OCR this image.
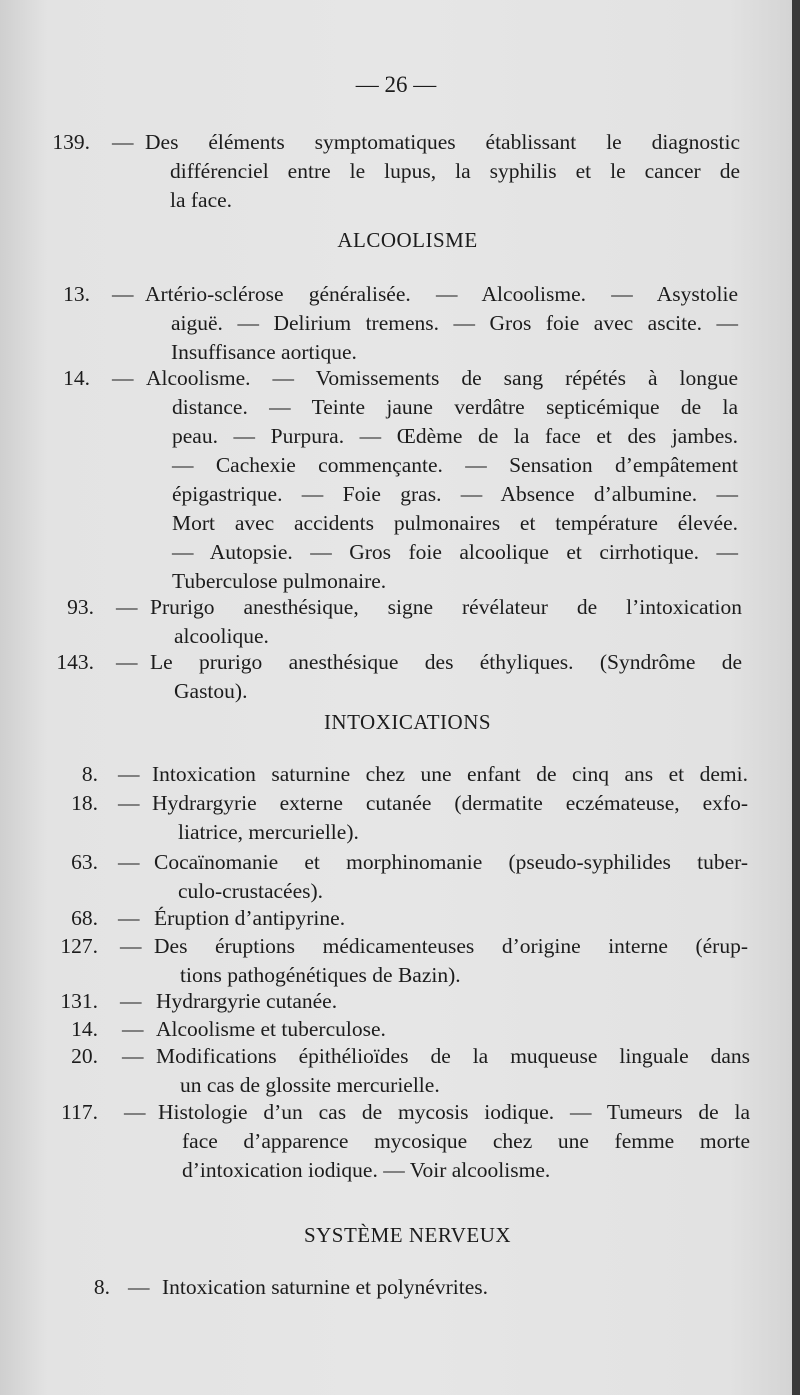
— 26 —
139. — Des éléments symptomatiques établissant le diagnostic
différenciel entre le lupus, la syphilis et le cancer de
la face.
ALCOOLISME
13. — Artério-sclérose généralisée. — Alcoolisme. — Asystolie
aiguë. — Delirium tremens. — Gros foie avec ascite. —
Insuffisance aortique.
14. — Alcoolisme. — Vomissements de sang répétés à longue
distance. — Teinte jaune verdâtre septicémique de la
peau. — Purpura. — Œdème de la face et des jambes.
— Cachexie commençante. — Sensation d’empâtement
épigastrique. — Foie gras. — Absence d’albumine. —
Mort avec accidents pulmonaires et température élevée.
— Autopsie. — Gros foie alcoolique et cirrhotique. —
Tuberculose pulmonaire.
93. — Prurigo anesthésique, signe révélateur de l’intoxication
alcoolique.
143. — Le prurigo anesthésique des éthyliques. (Syndrôme de
Gastou).
INTOXICATIONS
8. — Intoxication saturnine chez une enfant de cinq ans et demi.
18. — Hydrargyrie externe cutanée (dermatite eczémateuse, exfo-
liatrice, mercurielle).
63. — Cocaïnomanie et morphinomanie (pseudo-syphilides tuber-
culo-crustacées).
68. — Éruption d’antipyrine.
127. — Des éruptions médicamenteuses d’origine interne (érup-
tions pathogénétiques de Bazin).
131. — Hydrargyrie cutanée.
14. — Alcoolisme et tuberculose.
20. — Modifications épithélioïdes de la muqueuse linguale dans
un cas de glossite mercurielle.
117. — Histologie d’un cas de mycosis iodique. — Tumeurs de la
face d’apparence mycosique chez une femme morte
d’intoxication iodique. — Voir alcoolisme.
SYSTÈME NERVEUX
8. — Intoxication saturnine et polynévrites.
